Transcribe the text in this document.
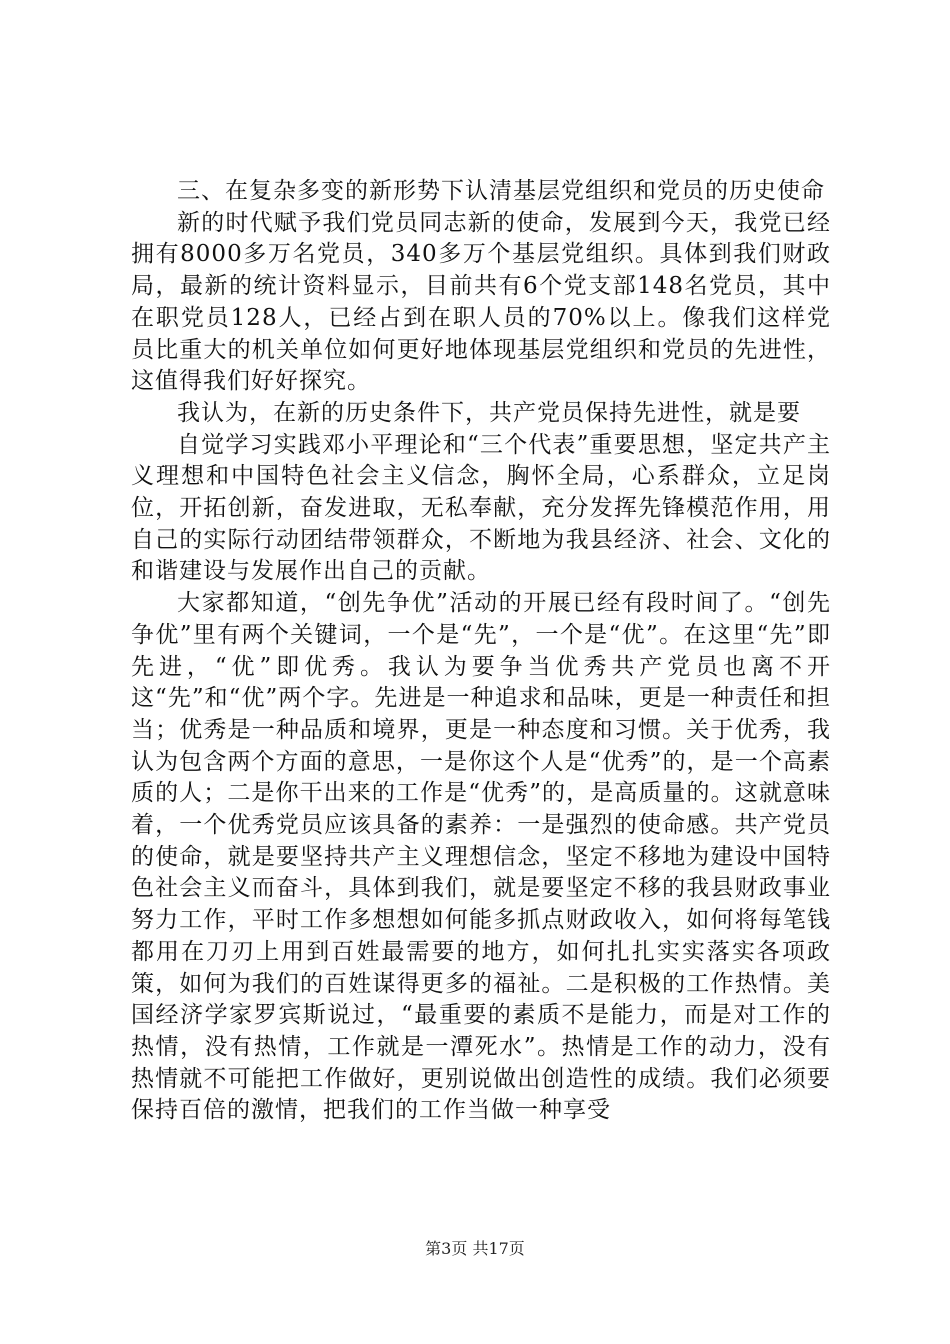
三、在复杂多变的新形势下认清基层党组织和党员的历史使命

新的时代赋予我们党员同志新的使命，发展到今天，我党已经拥有8000多万名党员，340多万个基层党组织。具体到我们财政局，最新的统计资料显示，目前共有6个党支部148名党员，其中在职党员128人，已经占到在职人员的70%以上。像我们这样党员比重大的机关单位如何更好地体现基层党组织和党员的先进性，这值得我们好好探究。

我认为，在新的历史条件下，共产党员保持先进性，就是要

自觉学习实践邓小平理论和“三个代表”重要思想，坚定共产主义理想和中国特色社会主义信念，胸怀全局，心系群众，立足岗位，开拓创新，奋发进取，无私奉献，充分发挥先锋模范作用，用自己的实际行动团结带领群众，不断地为我县经济、社会、文化的和谐建设与发展作出自己的贡献。

大家都知道，“创先争优”活动的开展已经有段时间了。“创先争优”里有两个关键词，一个是“先”，一个是“优”。在这里“先”即先进，“优”即优秀。我认为要争当优秀共产党员也离不开这“先”和“优”两个字。先进是一种追求和品味，更是一种责任和担当；优秀是一种品质和境界，更是一种态度和习惯。关于优秀，我认为包含两个方面的意思，一是你这个人是“优秀”的，是一个高素质的人；二是你干出来的工作是“优秀”的，是高质量的。这就意味着，一个优秀党员应该具备的素养：一是强烈的使命感。共产党员的使命，就是要坚持共产主义理想信念，坚定不移地为建设中国特色社会主义而奋斗，具体到我们，就是要坚定不移的我县财政事业努力工作，平时工作多想想如何能多抓点财政收入，如何将每笔钱都用在刀刃上用到百姓最需要的地方，如何扎扎实实落实各项政策，如何为我们的百姓谋得更多的福祉。二是积极的工作热情。美国经济学家罗宾斯说过，“最重要的素质不是能力，而是对工作的热情，没有热情，工作就是一潭死水”。热情是工作的动力，没有热情就不可能把工作做好，更别说做出创造性的成绩。我们必须要保持百倍的激情，把我们的工作当做一种享受

第3页 共17页
